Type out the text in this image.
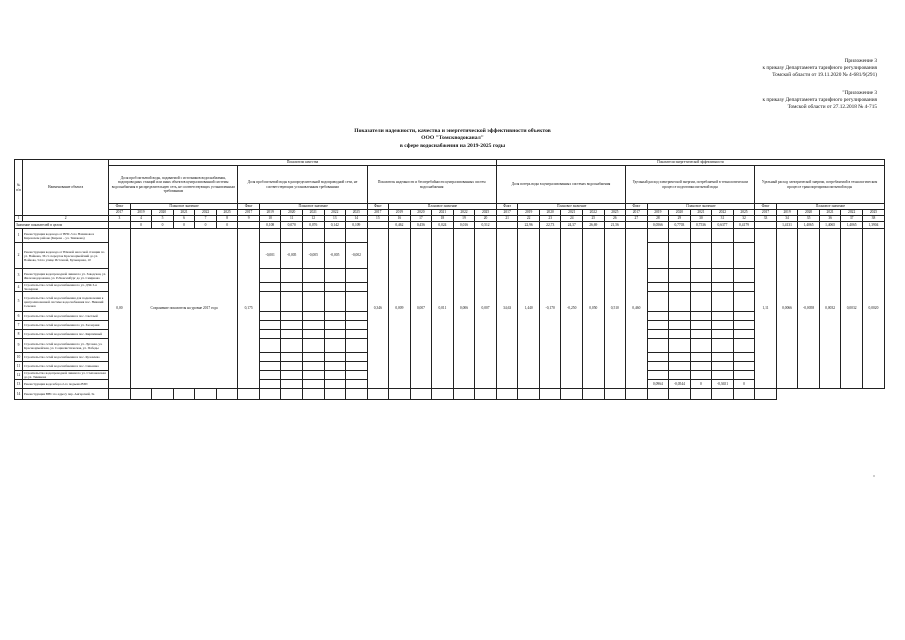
Приложение 3
к приказу Департамента тарифного регулирования
Томской области от 19.11.2020 № 4-681/9(291)
"Приложение 3
к приказу Департамента тарифного регулирования
Томской области от 27.12.2018 № 4-715
Показатели надежности, качества и энергетической эффективности объектов
ООО "Томскводоканал"
в сфере водоснабжения на 2019-2025 годы
№ п/п	Наименование объекта	Показатели качества																		Показатели энергетической эффективности																	
		Доля проб питьевой воды, подаваемой с источников водоснабжения, водопроводных станций или иных объектов централизованной системы водоснабжения в распределительную сеть, не соответствующих установленным требованиям						Доля проб питьевой воды в распределительной водопроводной сети, не соответствующих установленным требованиям						Показатель надежности и бесперебойности централизованных систем водоснабжения						Доля потерь воды в централизованных системах водоснабжения						Удельный расход электрической энергии, потребляемой в технологическом процессе подготовки питьевой воды						Удельный расход электрической энергии, потребляемой в технологическом процессе транспортировки питьевой воды					
		Факт	Плановое значение					Факт	Плановое значение					Факт	Плановое значение					Факт	Плановое значение					Факт	Плановое значение					Факт	Плановое значение				
		2017	2019	2020	2021	2022	2025	2017	2019	2020	2021	2022	2025	2017	2019	2020	2021	2022	2025	2017	2019	2020	2021	2022	2025	2017	2019	2020	2021	2022	2025	2017	2019	2020	2021	2022	2025
1	2	3	4	5	6	7	8	9	10	11	12	13	14	15	16	17	18	19	20	21	22	23	24	25	26	27	28	29	30	31	32	33	34	35	36	37	38
Значение показателей в целом			0	0	0	0	0		0,108	0,070	0,076	0,142	0,109		0,462	0,456	0,024	0,016	0,512		22,96	22,73	24,37	26,69	21,56		0,0566	0,7703	0,7536	0,6377	0,4179		1,4131	1,4065	1,4065	1,4065	1,3904
1	Реконструкция водовода от ВНС-5 по Нахимова в Кировском районе (Кирова – ул. Тимакова)	0,00	Сохранение показателя на уровне 2017 года					0,175						0,346	0,009	0,007	0,011	0,006	0,007	34,63	1,440	-0,170	-0,250	0,050	0,510	0,460						1,11	0,0066	-0,0058	0,0032	0,0032	0,0020
2	Реконструкция водовода от Южной насосной станции по ул. Войкова, 36 ст. переулок Красноармейский до ул. Войкова, 54 по улице Источной, Бульварная, 10								-0,001	-0,005	-0,005	-0,005	-0,002																								
3	Реконструкция водопроводной линии по ул. Заводская, ул. Железнодорожная, ул. Р.Люксембург до ул. Смирнова																																				
4	Строительство сетей водоснабжения по ул. ДЗК 3-я Заозерная																																				
5	Строительство сетей водоснабжения для подключения к централизованной системе водоснабжения пос. Нижний Сеченов																																				
6	Строительство сетей водоснабжения в пос. Светлый																																				
7	Строительство сетей водоснабжения по ул. Заозерная																																				
8	Строительство сетей водоснабжения в пос. Кирпичный																																				
9	Строительство сетей водоснабжения по ул. Луговая, ул. Красноармейская, ул. Социалистическая, ул. Победы																																				
10	Строительство сетей водоснабжения в пос. Кузовлево																																				
11	Строительство сетей водоснабжения в пос. Синеевка																																				
12	Строительство водопроводной линии по ул. Степановская до ул. Тимакова																																				
13	Реконструкция водозабора 2-го подъема ВЗП																										0,0964	-0,0544	0	-0,3651	0						
14	Реконструкция ВНС по адресу пер. Ангарский, 3а																																				
"
